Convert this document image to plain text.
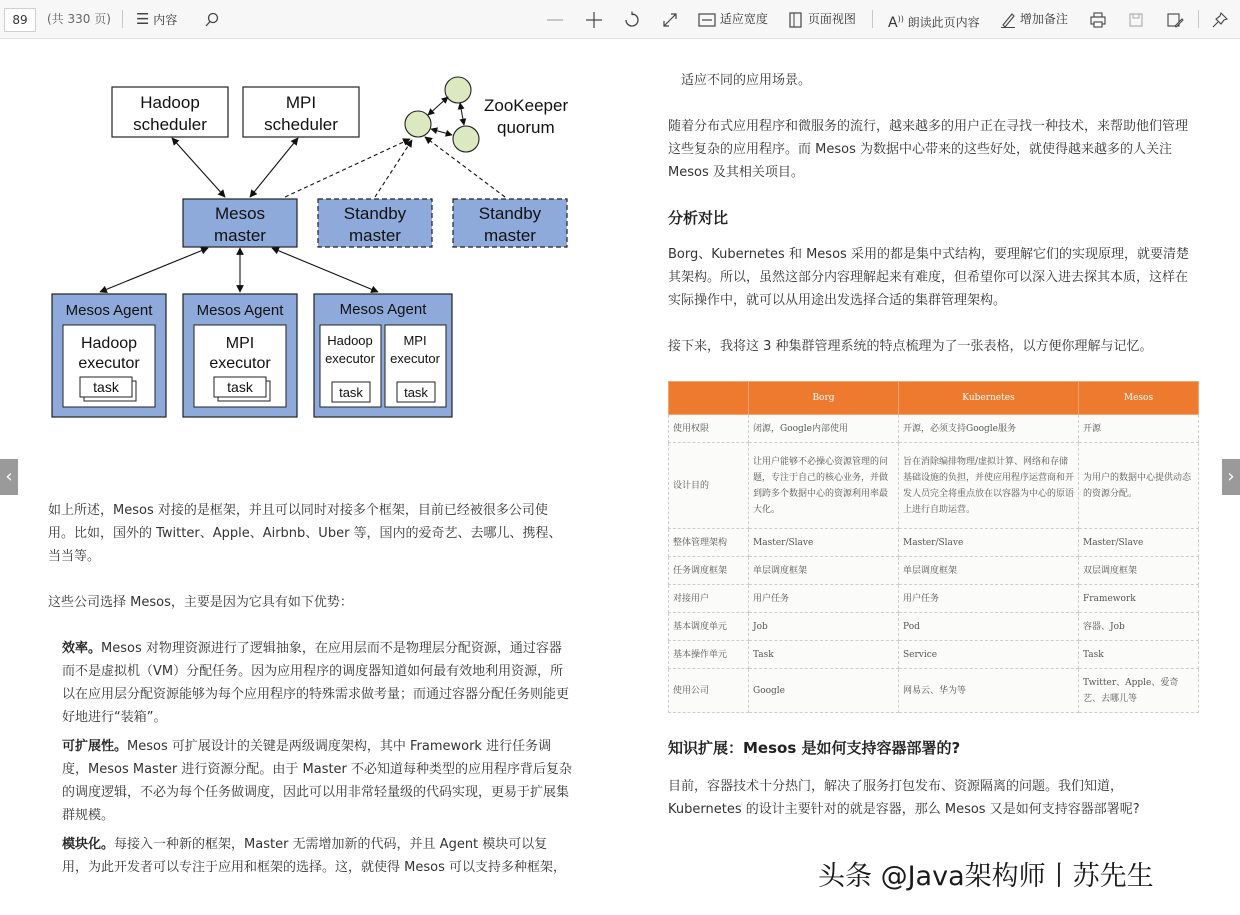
89	(共 330 页) ☰ 内容	适应宽度	页面视图 A)) 朗读此页内容	增加备注
Hadoop
scheduler
MPI
scheduler
ZooKeeper
quorum
Mesos
master
Standby
master
Standby
master
Mesos Agent
Hadoop
executor
task
Mesos Agent
MPI
executor
task
Mesos Agent
Hadoop
executor
task
MPI
executor
task
如上所述，Mesos 对接的是框架，并且可以同时对接多个框架，目前已经被很多公司使
用。比如，国外的 Twitter、Apple、Airbnb、Uber 等，国内的爱奇艺、去哪儿、携程、
当当等。
这些公司选择 Mesos，主要是因为它具有如下优势：
效率。Mesos 对物理资源进行了逻辑抽象，在应用层而不是物理层分配资源，通过容器
而不是虚拟机（VM）分配任务。因为应用程序的调度器知道如何最有效地利用资源，所
以在应用层分配资源能够为每个应用程序的特殊需求做考量；而通过容器分配任务则能更
好地进行“装箱”。
可扩展性。Mesos 可扩展设计的关键是两级调度架构，其中 Framework 进行任务调
度，Mesos Master 进行资源分配。由于 Master 不必知道每种类型的应用程序背后复杂
的调度逻辑，不必为每个任务做调度，因此可以用非常轻量级的代码实现，更易于扩展集
群规模。
模块化。每接入一种新的框架，Master 无需增加新的代码，并且 Agent 模块可以复
用，为此开发者可以专注于应用和框架的选择。这，就使得 Mesos 可以支持多种框架，
适应不同的应用场景。
随着分布式应用程序和微服务的流行，越来越多的用户正在寻找一种技术，来帮助他们管理
这些复杂的应用程序。而 Mesos 为数据中心带来的这些好处，就使得越来越多的人关注
Mesos 及其相关项目。
分析对比
Borg、Kubernetes 和 Mesos 采用的都是集中式结构，要理解它们的实现原理，就要清楚
其架构。所以，虽然这部分内容理解起来有难度，但希望你可以深入进去探其本质，这样在
实际操作中，就可以从用途出发选择合适的集群管理架构。
接下来，我将这 3 种集群管理系统的特点梳理为了一张表格，以方便你理解与记忆。
	Borg	Kubernetes	Mesos
使用权限	闭源，Google内部使用	开源，必须支持Google服务	开源
设计目的	让用户能够不必操心资源管理的问题，专注于自己的核心业务，并做到跨多个数据中心的资源利用率最大化。	旨在消除编排物理/虚拟计算、网络和存储基础设施的负担，并使应用程序运营商和开发人员完全将重点放在以容器为中心的原语上进行自助运营。	为用户的数据中心提供动态的资源分配。
整体管理架构	Master/Slave	Master/Slave	Master/Slave
任务调度框架	单层调度框架	单层调度框架	双层调度框架
对接用户	用户任务	用户任务	Framework
基本调度单元	Job	Pod	容器、Job
基本操作单元	Task	Service	Task
使用公司	Google	网易云、华为等	Twitter、Apple、爱奇艺、去哪儿等
知识扩展：Mesos 是如何支持容器部署的?
目前，容器技术十分热门，解决了服务打包发布、资源隔离的问题。我们知道，
Kubernetes 的设计主要针对的就是容器，那么 Mesos 又是如何支持容器部署呢?
‹	›
头条 @Java架构师丨苏先生
